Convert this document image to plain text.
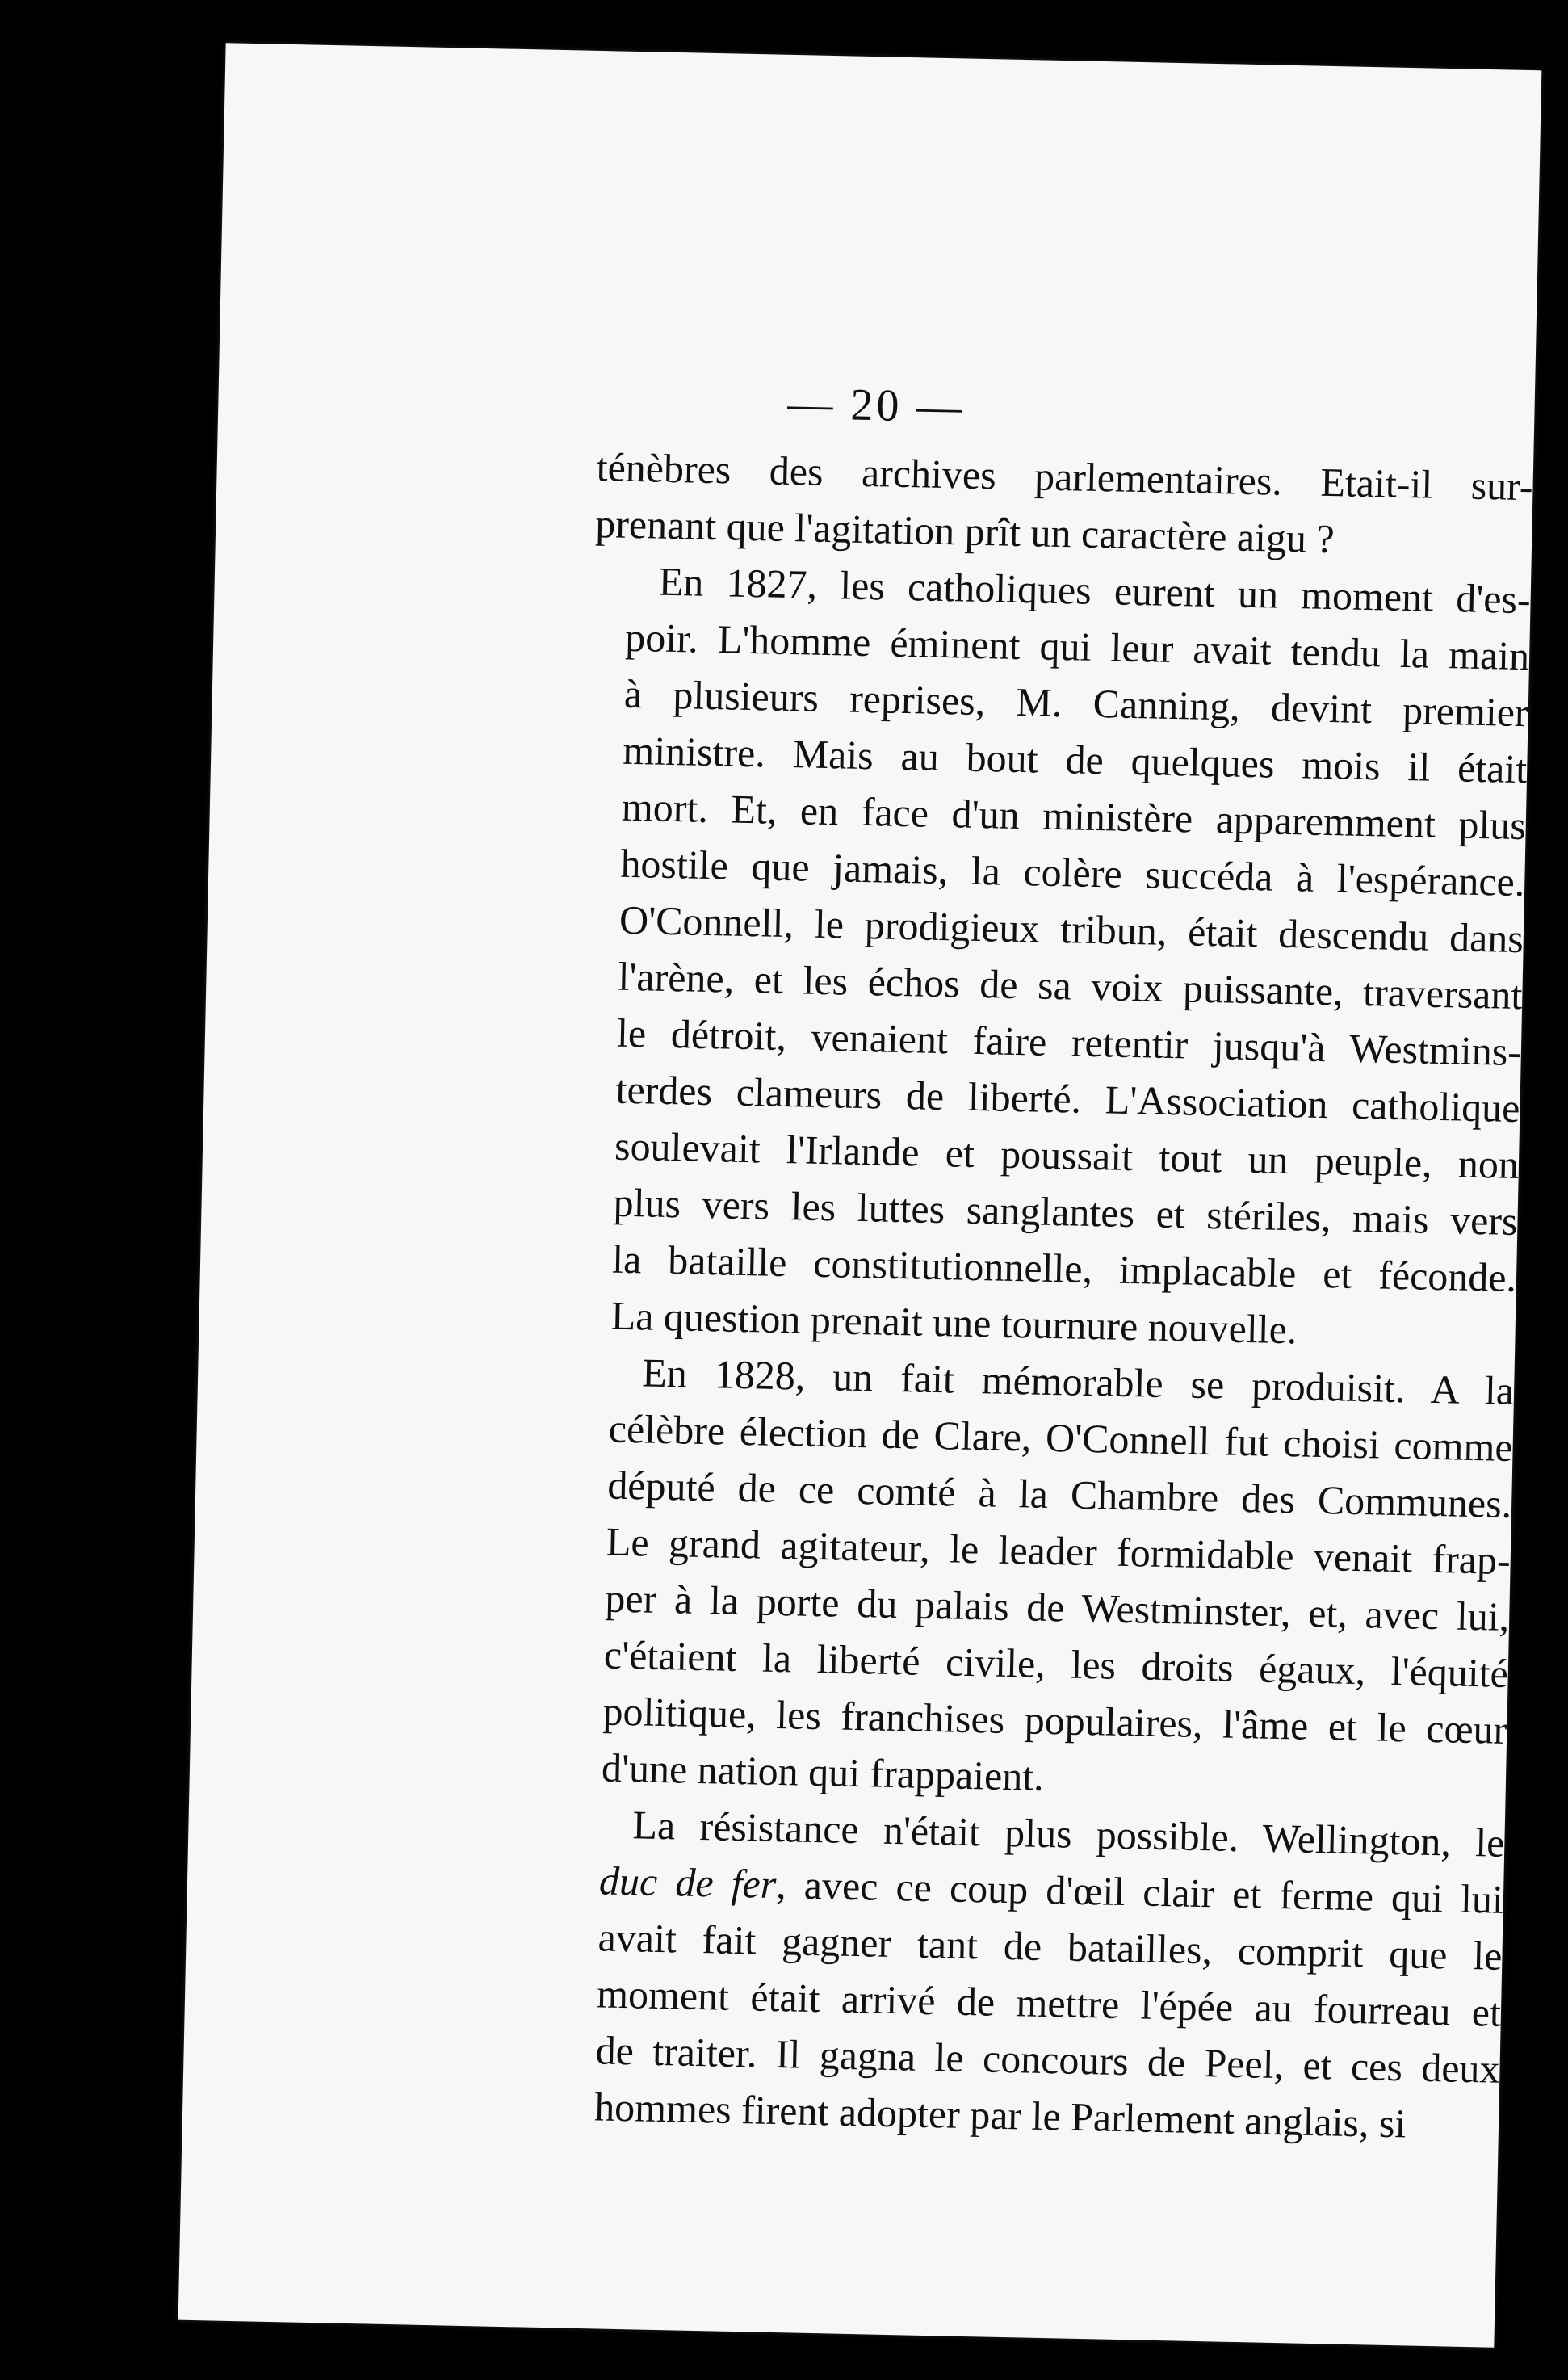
— 20 —
ténèbres des archives parlementaires. Etait-il sur-
prenant que l'agitation prît un caractère aigu ?
En 1827, les catholiques eurent un moment d'es-
poir. L'homme éminent qui leur avait tendu la main
à plusieurs reprises, M. Canning, devint premier
ministre. Mais au bout de quelques mois il était
mort. Et, en face d'un ministère apparemment plus
hostile que jamais, la colère succéda à l'espérance.
O'Connell, le prodigieux tribun, était descendu dans
l'arène, et les échos de sa voix puissante, traversant
le détroit, venaient faire retentir jusqu'à Westmins-
terdes clameurs de liberté. L'Association catholique
soulevait l'Irlande et poussait tout un peuple, non
plus vers les luttes sanglantes et stériles, mais vers
la bataille constitutionnelle, implacable et féconde.
La question prenait une tournure nouvelle.
En 1828, un fait mémorable se produisit. A la
célèbre élection de Clare, O'Connell fut choisi comme
député de ce comté à la Chambre des Communes.
Le grand agitateur, le leader formidable venait frap-
per à la porte du palais de Westminster, et, avec lui,
c'étaient la liberté civile, les droits égaux, l'équité
politique, les franchises populaires, l'âme et le cœur
d'une nation qui frappaient.
La résistance n'était plus possible. Wellington, le
duc de fer, avec ce coup d'œil clair et ferme qui lui
avait fait gagner tant de batailles, comprit que le
moment était arrivé de mettre l'épée au fourreau et
de traiter. Il gagna le concours de Peel, et ces deux
hommes firent adopter par le Parlement anglais, si
